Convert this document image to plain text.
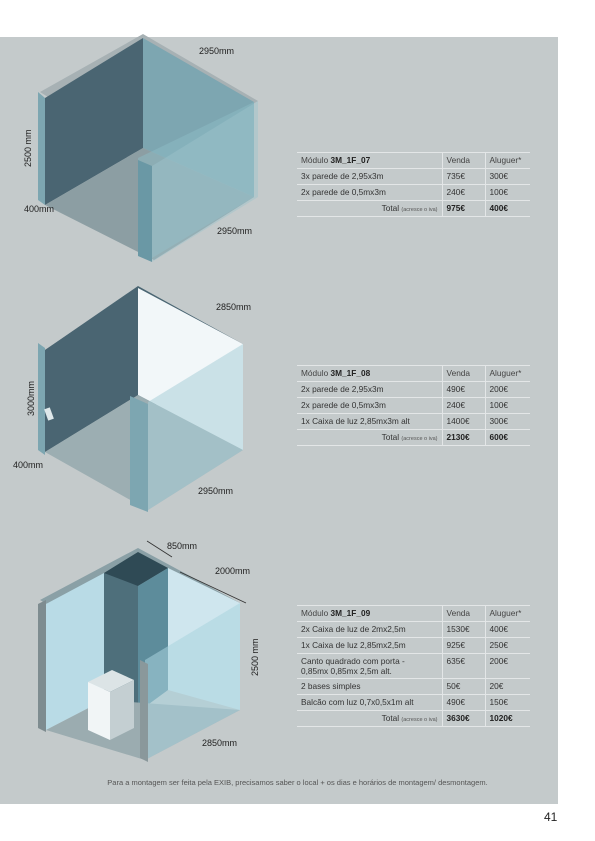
2950mm
2500 mm
400mm
2950mm
2850mm
3000mm
400mm
2950mm
850mm
2000mm
2500 mm
2850mm
Módulo 3M_1F_07	Venda	Aluguer*
3x parede de 2,95x3m	735€	300€
2x parede de 0,5mx3m	240€	100€
Total (acresce o iva)	975€	400€
Módulo 3M_1F_08	Venda	Aluguer*
2x parede de 2,95x3m	490€	200€
2x parede de 0,5mx3m	240€	100€
1x Caixa de luz 2,85mx3m alt	1400€	300€
Total (acresce o iva)	2130€	600€
Módulo 3M_1F_09	Venda	Aluguer*
2x Caixa de luz de 2mx2,5m	1530€	400€
1x Caixa de luz 2,85mx2,5m	925€	250€
Canto quadrado com porta -
0,85mx 0,85mx 2,5m alt.	635€	200€
2 bases simples	50€	20€
Balcão com luz 0,7x0,5x1m alt	490€	150€
Total (acresce o iva)	3630€	1020€
Para a montagem ser feita pela EXIB, precisamos saber o local + os dias e horários de montagem/ desmontagem.
41
